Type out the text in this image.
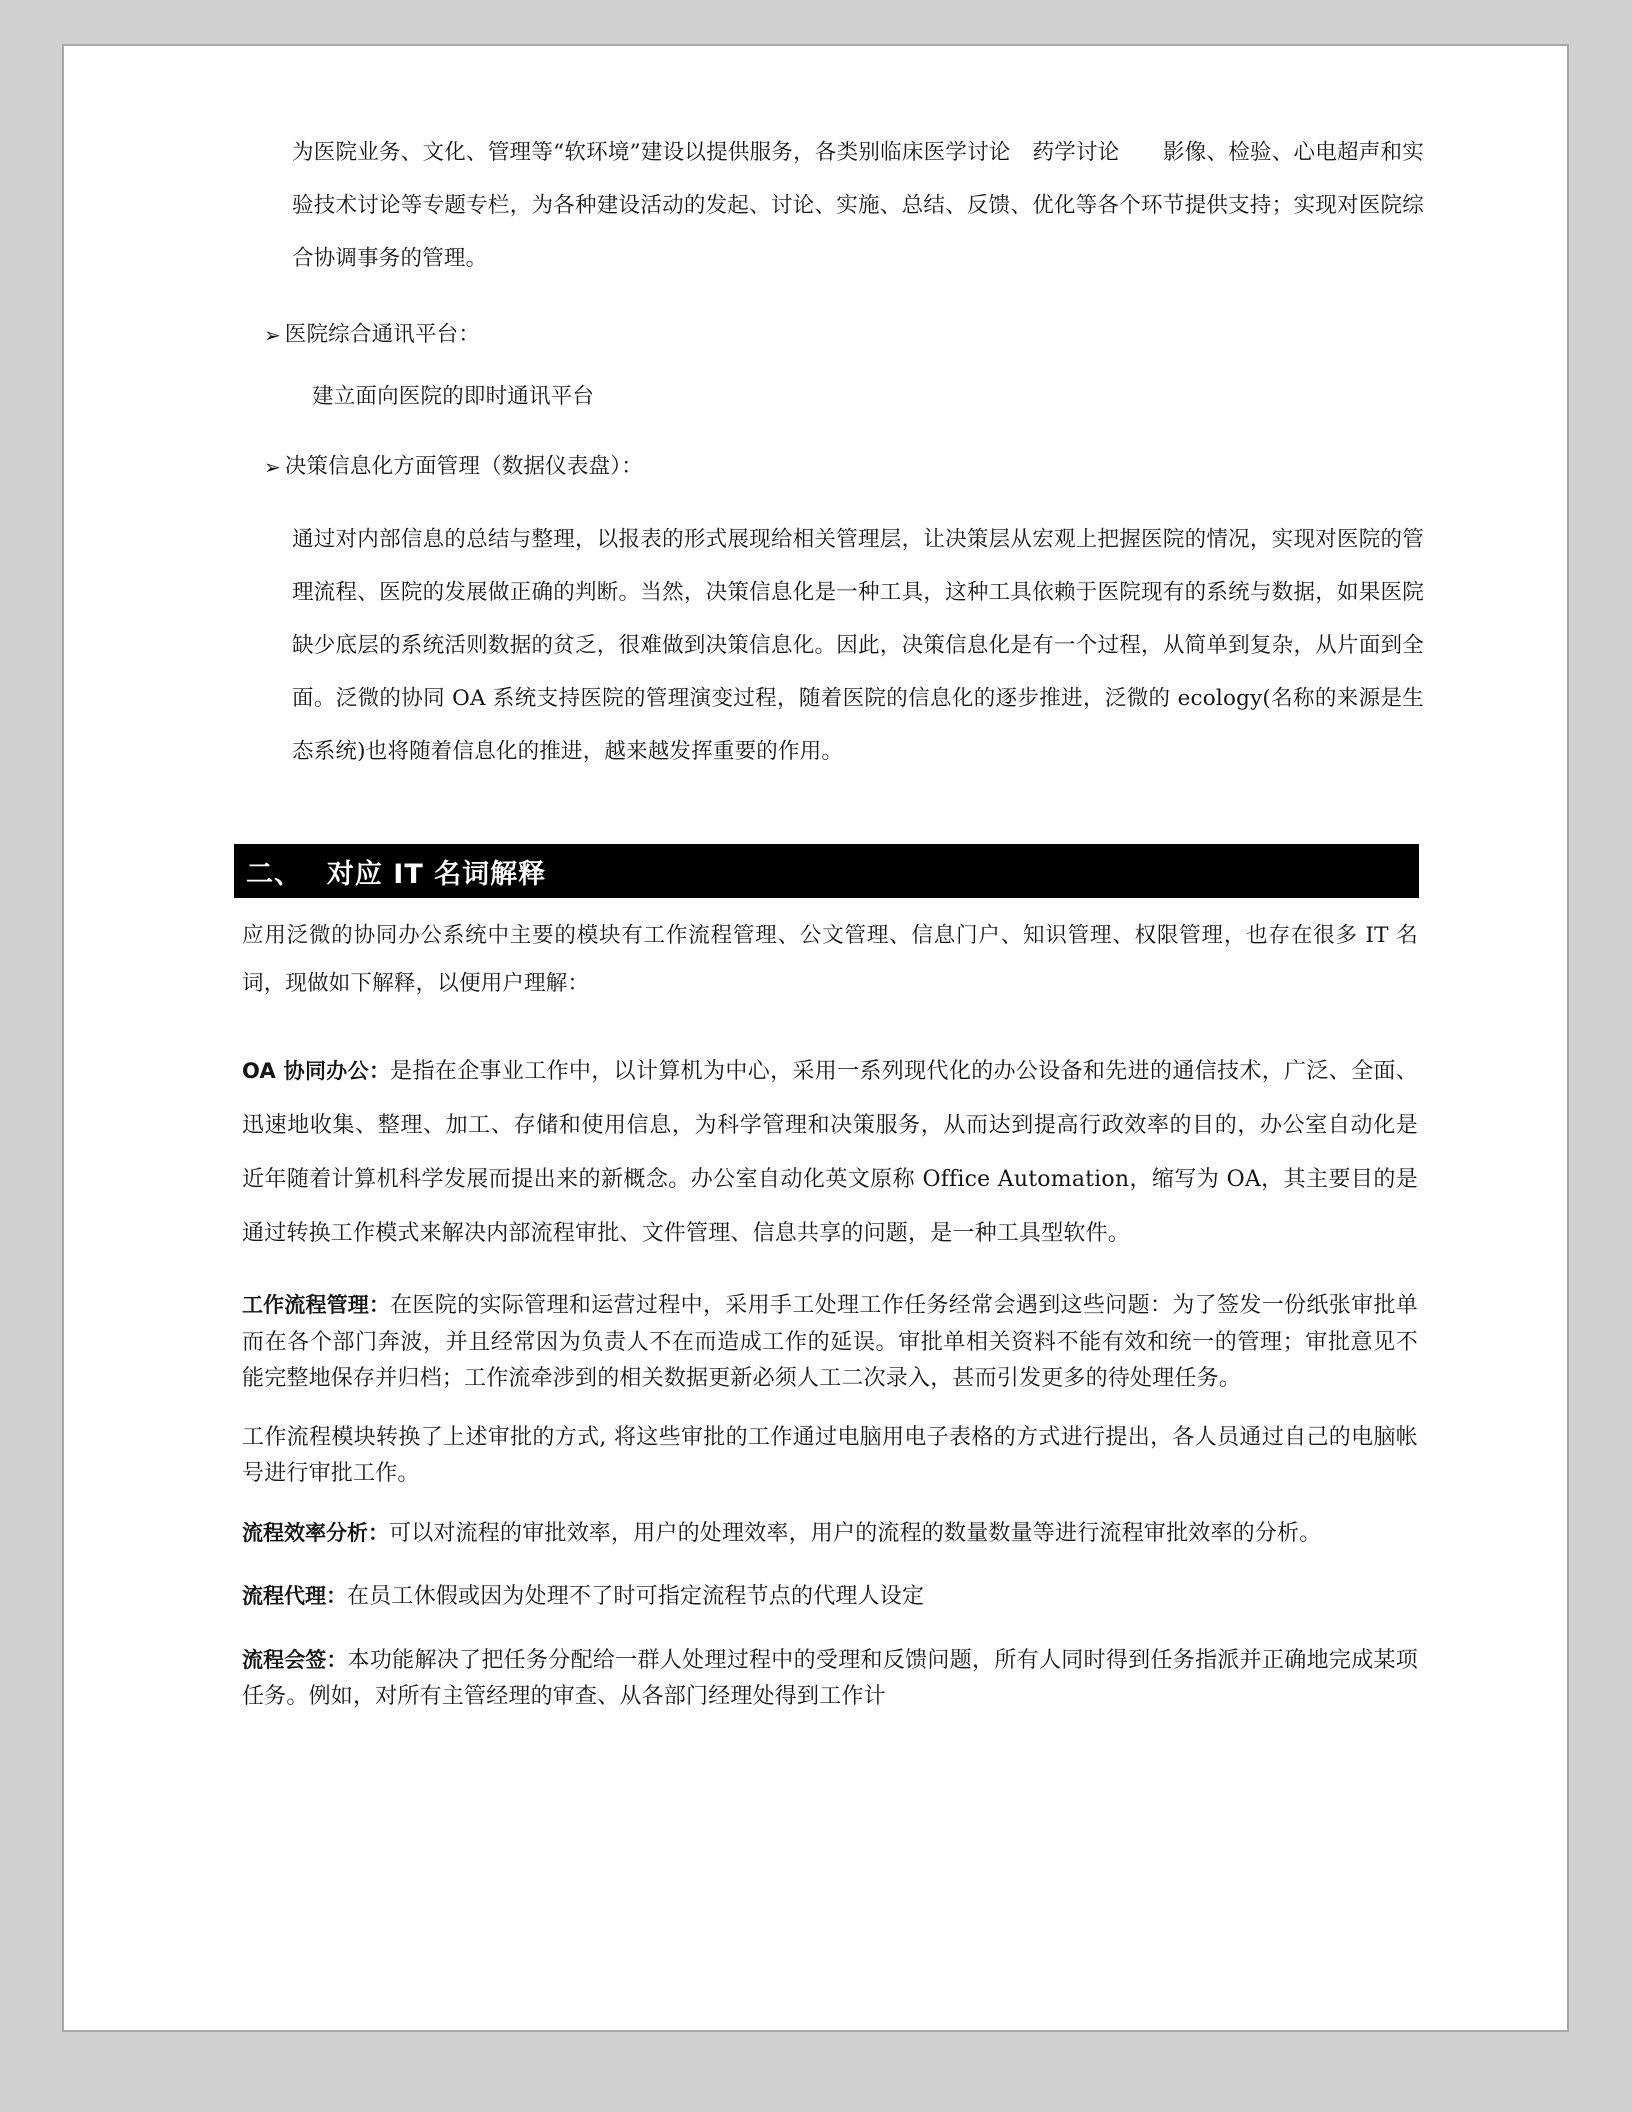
为医院业务、文化、管理等“软环境”建设以提供服务，各类别临床医学讨论　药学讨论　　影像、检验、心电超声和实验技术讨论等专题专栏，为各种建设活动的发起、讨论、实施、总结、反馈、优化等各个环节提供支持；实现对医院综合协调事务的管理。

➢ 医院综合通讯平台：
建立面向医院的即时通讯平台
➢ 决策信息化方面管理（数据仪表盘）：

通过对内部信息的总结与整理，以报表的形式展现给相关管理层，让决策层从宏观上把握医院的情况，实现对医院的管理流程、医院的发展做正确的判断。当然，决策信息化是一种工具，这种工具依赖于医院现有的系统与数据，如果医院缺少底层的系统活则数据的贫乏，很难做到决策信息化。因此，决策信息化是有一个过程，从简单到复杂，从片面到全面。泛微的协同 OA 系统支持医院的管理演变过程，随着医院的信息化的逐步推进，泛微的 ecology(名称的来源是生态系统)也将随着信息化的推进，越来越发挥重要的作用。

二、　 对应 IT 名词解释

应用泛微的协同办公系统中主要的模块有工作流程管理、公文管理、信息门户、知识管理、权限管理，也存在很多 IT 名词，现做如下解释，以便用户理解：

OA 协同办公：是指在企事业工作中，以计算机为中心，采用一系列现代化的办公设备和先进的通信技术，广泛、全面、迅速地收集、整理、加工、存储和使用信息，为科学管理和决策服务，从而达到提高行政效率的目的，办公室自动化是近年随着计算机科学发展而提出来的新概念。办公室自动化英文原称 Office Automation，缩写为 OA，其主要目的是通过转换工作模式来解决内部流程审批、文件管理、信息共享的问题，是一种工具型软件。

工作流程管理：在医院的实际管理和运营过程中，采用手工处理工作任务经常会遇到这些问题：为了签发一份纸张审批单而在各个部门奔波，并且经常因为负责人不在而造成工作的延误。审批单相关资料不能有效和统一的管理；审批意见不能完整地保存并归档；工作流牵涉到的相关数据更新必须人工二次录入，甚而引发更多的待处理任务。

工作流程模块转换了上述审批的方式, 将这些审批的工作通过电脑用电子表格的方式进行提出，各人员通过自己的电脑帐号进行审批工作。

流程效率分析：可以对流程的审批效率，用户的处理效率，用户的流程的数量数量等进行流程审批效率的分析。

流程代理：在员工休假或因为处理不了时可指定流程节点的代理人设定

流程会签：本功能解决了把任务分配给一群人处理过程中的受理和反馈问题，所有人同时得到任务指派并正确地完成某项任务。例如，对所有主管经理的审查、从各部门经理处得到工作计
